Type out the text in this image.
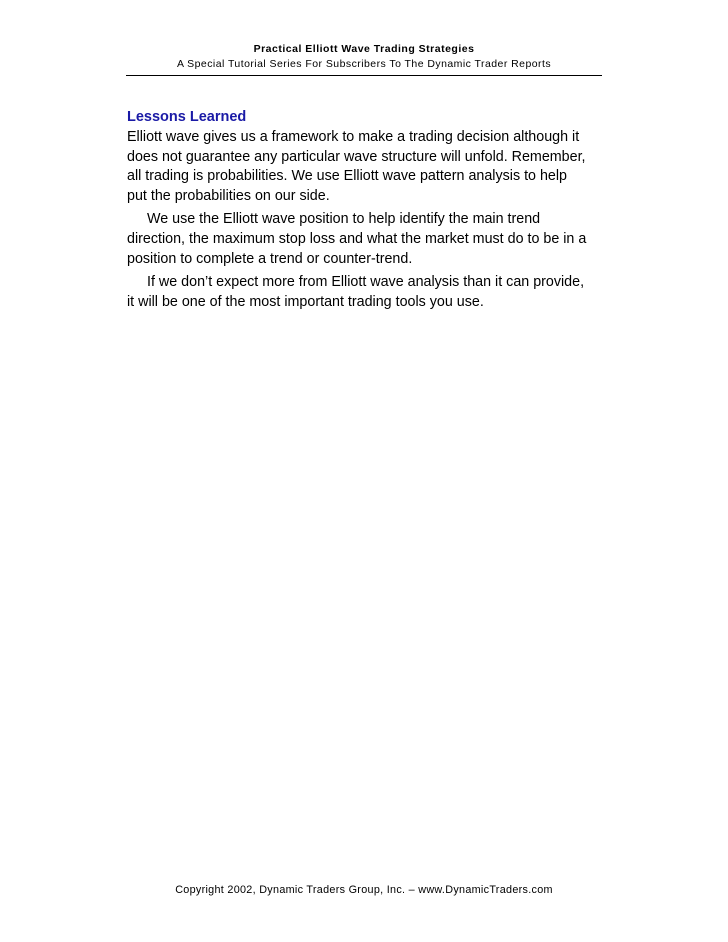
Practical Elliott Wave Trading Strategies
A Special Tutorial Series For Subscribers To The Dynamic Trader Reports
Lessons Learned

Elliott wave gives us a framework to make a trading decision although it does not guarantee any particular wave structure will unfold. Remember, all trading is probabilities. We use Elliott wave pattern analysis to help put the probabilities on our side.

We use the Elliott wave position to help identify the main trend direction, the maximum stop loss and what the market must do to be in a position to complete a trend or counter-trend.

If we don’t expect more from Elliott wave analysis than it can provide, it will be one of the most important trading tools you use.

Copyright 2002, Dynamic Traders Group, Inc. – www.DynamicTraders.com
